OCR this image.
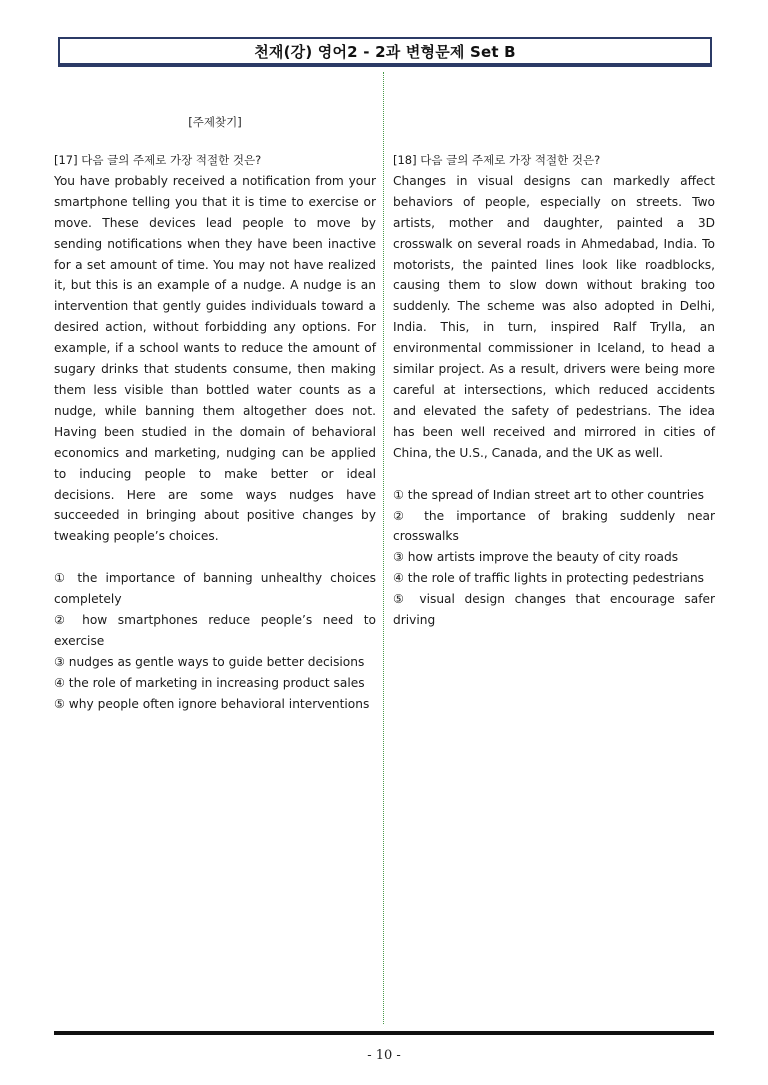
천재(강) 영어2 - 2과 변형문제 Set B
[주제찾기]

[17] 다음 글의 주제로 가장 적절한 것은?

You have probably received a notification from your smartphone telling you that it is time to exercise or move. These devices lead people to move by sending notifications when they have been inactive for a set amount of time. You may not have realized it, but this is an example of a nudge. A nudge is an intervention that gently guides individuals toward a desired action, without forbidding any options. For example, if a school wants to reduce the amount of sugary drinks that students consume, then making them less visible than bottled water counts as a nudge, while banning them altogether does not. Having been studied in the domain of behavioral economics and marketing, nudging can be applied to inducing people to make better or ideal decisions. Here are some ways nudges have succeeded in bringing about positive changes by tweaking people’s choices.

① the importance of banning unhealthy choices completely
② how smartphones reduce people’s need to exercise
③ nudges as gentle ways to guide better decisions
④ the role of marketing in increasing product sales
⑤ why people often ignore behavioral interventions

[18] 다음 글의 주제로 가장 적절한 것은?

Changes in visual designs can markedly affect behaviors of people, especially on streets. Two artists, mother and daughter, painted a 3D crosswalk on several roads in Ahmedabad, India. To motorists, the painted lines look like roadblocks, causing them to slow down without braking too suddenly. The scheme was also adopted in Delhi, India. This, in turn, inspired Ralf Trylla, an environmental commissioner in Iceland, to head a similar project. As a result, drivers were being more careful at intersections, which reduced accidents and elevated the safety of pedestrians. The idea has been well received and mirrored in cities of China, the U.S., Canada, and the UK as well.

① the spread of Indian street art to other countries
② the importance of braking suddenly near crosswalks
③ how artists improve the beauty of city roads
④ the role of traffic lights in protecting pedestrians
⑤ visual design changes that encourage safer driving
- 10 -
